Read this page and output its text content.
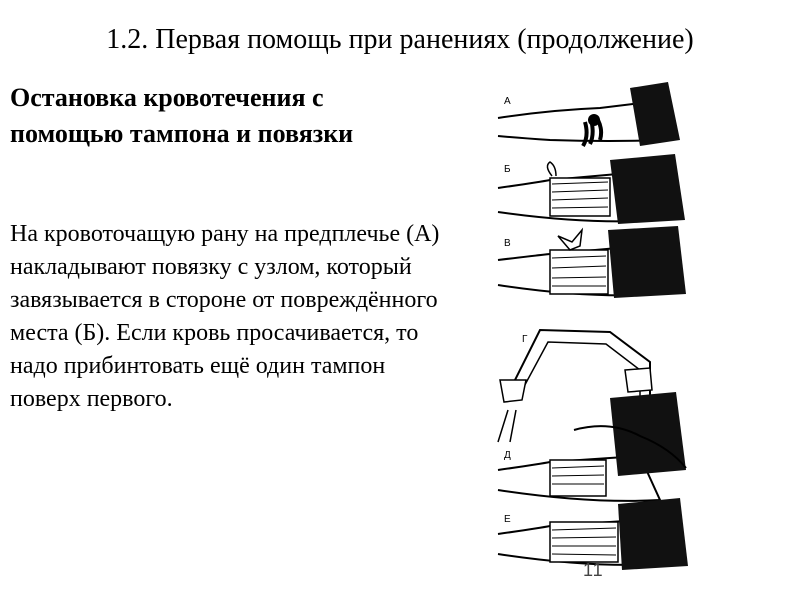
1.2. Первая помощь при ранениях (продолжение)
Остановка кровотечения с помощью тампона и повязки
На кровоточащую рану на предплечье (А) накладывают повязку с узлом, который завязывается в стороне от повреждённого места (Б). Если кровь просачивается, то надо прибинтовать ещё один тампон поверх первого.
А
Б
В
Г
Д
Е
11
